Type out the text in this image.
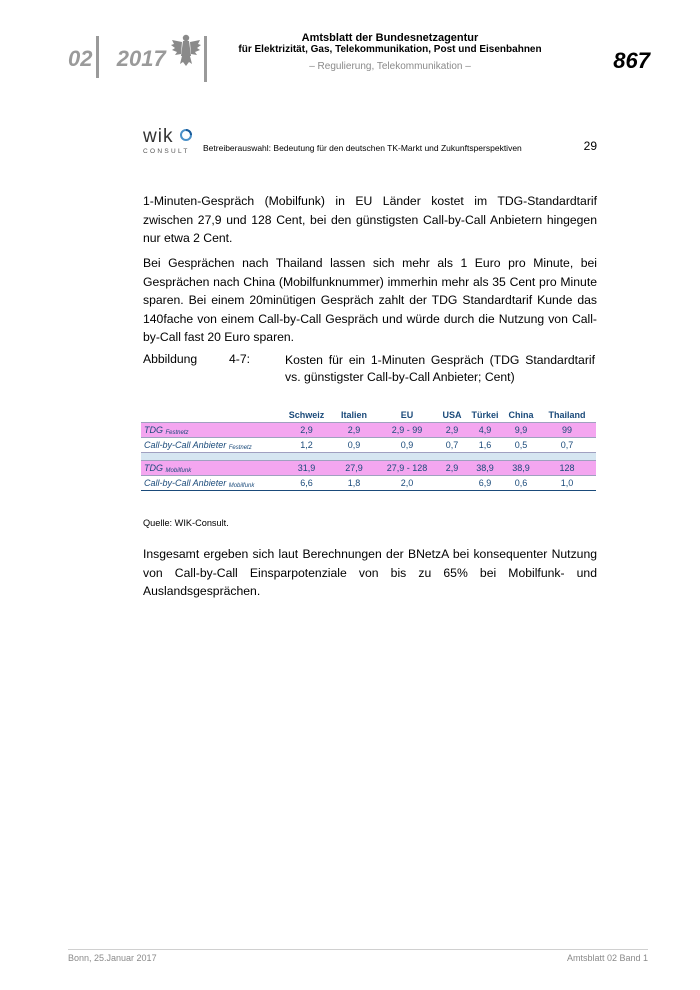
02 2017
Amtsblatt der Bundesnetzagentur
für Elektrizität, Gas, Telekommunikation, Post und Eisenbahnen
– Regulierung, Telekommunikation –	867
wik
CONSULT	Betreiberauswahl: Bedeutung für den deutschen TK-Markt und Zukunftsperspektiven	29
1-Minuten-Gespräch (Mobilfunk) in EU Länder kostet im TDG-Standardtarif zwischen 27,9 und 128 Cent, bei den günstigsten Call-by-Call Anbietern hingegen nur etwa 2 Cent.
Bei Gesprächen nach Thailand lassen sich mehr als 1 Euro pro Minute, bei Gesprächen nach China (Mobilfunknummer) immerhin mehr als 35 Cent pro Minute sparen. Bei einem 20minütigen Gespräch zahlt der TDG Standardtarif Kunde das 140fache von einem Call-by-Call Gespräch und würde durch die Nutzung von Call-by-Call fast 20 Euro sparen.
Abbildung	4-7:	Kosten für ein 1-Minuten Gespräch (TDG Standardtarif vs. günstigster Call-by-Call Anbieter; Cent)
	Schweiz	Italien	EU	USA	Türkei	China	Thailand
TDG $_{Festnetz}$	2,9	2,9	2,9 - 99	2,9	4,9	9,9	99
Call-by-Call Anbieter $_{Festnetz}$	1,2	0,9	0,9	0,7	1,6	0,5	0,7

TDG $_{Mobilfunk}$	31,9	27,9	27,9 - 128	2,9	38,9	38,9	128
Call-by-Call Anbieter $_{Mobilfunk}$	6,6	1,8	2,0		6,9	0,6	1,0
Quelle: WIK-Consult.
Insgesamt ergeben sich laut Berechnungen der BNetzA bei konsequenter Nutzung von Call-by-Call Einsparpotenziale von bis zu 65% bei Mobilfunk- und Auslandsgesprächen.
Bonn, 25.Januar 2017	Amtsblatt 02 Band 1
